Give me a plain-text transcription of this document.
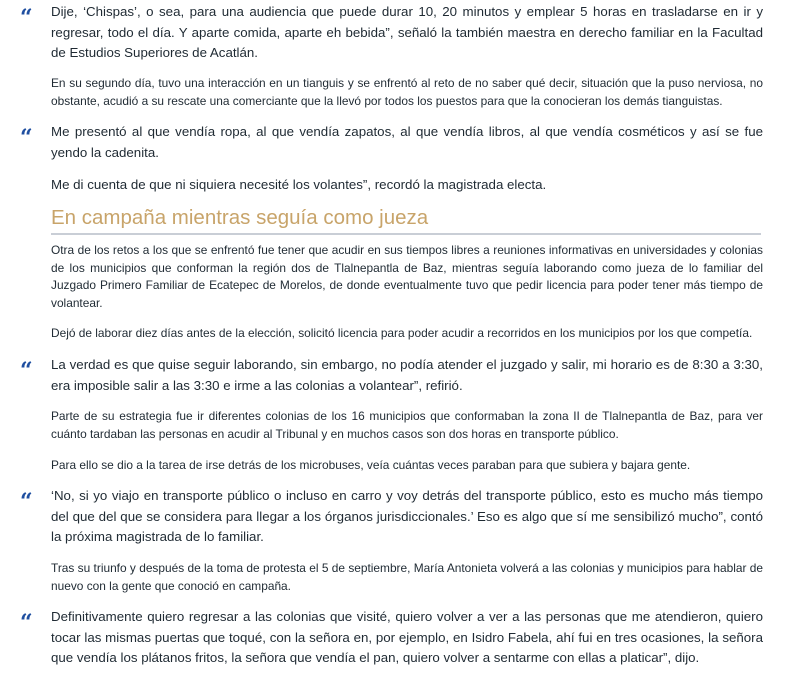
“ Dije, ‘Chispas’, o sea, para una audiencia que puede durar 10, 20 minutos y emplear 5 horas en trasladarse en ir y regresar, todo el día. Y aparte comida, aparte eh bebida”, señaló la también maestra en derecho familiar en la Facultad de Estudios Superiores de Acatlán.
En su segundo día, tuvo una interacción en un tianguis y se enfrentó al reto de no saber qué decir, situación que la puso nerviosa, no obstante, acudió a su rescate una comerciante que la llevó por todos los puestos para que la conocieran los demás tianguistas.
“ Me presentó al que vendía ropa, al que vendía zapatos, al que vendía libros, al que vendía cosméticos y así se fue yendo la cadenita.
Me di cuenta de que ni siquiera necesité los volantes”, recordó la magistrada electa.
En campaña mientras seguía como jueza
Otra de los retos a los que se enfrentó fue tener que acudir en sus tiempos libres a reuniones informativas en universidades y colonias de los municipios que conforman la región dos de Tlalnepantla de Baz, mientras seguía laborando como jueza de lo familiar del Juzgado Primero Familiar de Ecatepec de Morelos, de donde eventualmente tuvo que pedir licencia para poder tener más tiempo de volantear.
Dejó de laborar diez días antes de la elección, solicitó licencia para poder acudir a recorridos en los municipios por los que competía.
“ La verdad es que quise seguir laborando, sin embargo, no podía atender el juzgado y salir, mi horario es de 8:30 a 3:30, era imposible salir a las 3:30 e irme a las colonias a volantear”, refirió.
Parte de su estrategia fue ir diferentes colonias de los 16 municipios que conformaban la zona II de Tlalnepantla de Baz, para ver cuánto tardaban las personas en acudir al Tribunal y en muchos casos son dos horas en transporte público.
Para ello se dio a la tarea de irse detrás de los microbuses, veía cuántas veces paraban para que subiera y bajara gente.
“ ‘No, si yo viajo en transporte público o incluso en carro y voy detrás del transporte público, esto es mucho más tiempo del que del que se considera para llegar a los órganos jurisdiccionales.’ Eso es algo que sí me sensibilizó mucho”, contó la próxima magistrada de lo familiar.
Tras su triunfo y después de la toma de protesta el 5 de septiembre, María Antonieta volverá a las colonias y municipios para hablar de nuevo con la gente que conoció en campaña.
“ Definitivamente quiero regresar a las colonias que visité, quiero volver a ver a las personas que me atendieron, quiero tocar las mismas puertas que toqué, con la señora en, por ejemplo, en Isidro Fabela, ahí fui en tres ocasiones, la señora que vendía los plátanos fritos, la señora que vendía el pan, quiero volver a sentarme con ellas a platicar”, dijo.
